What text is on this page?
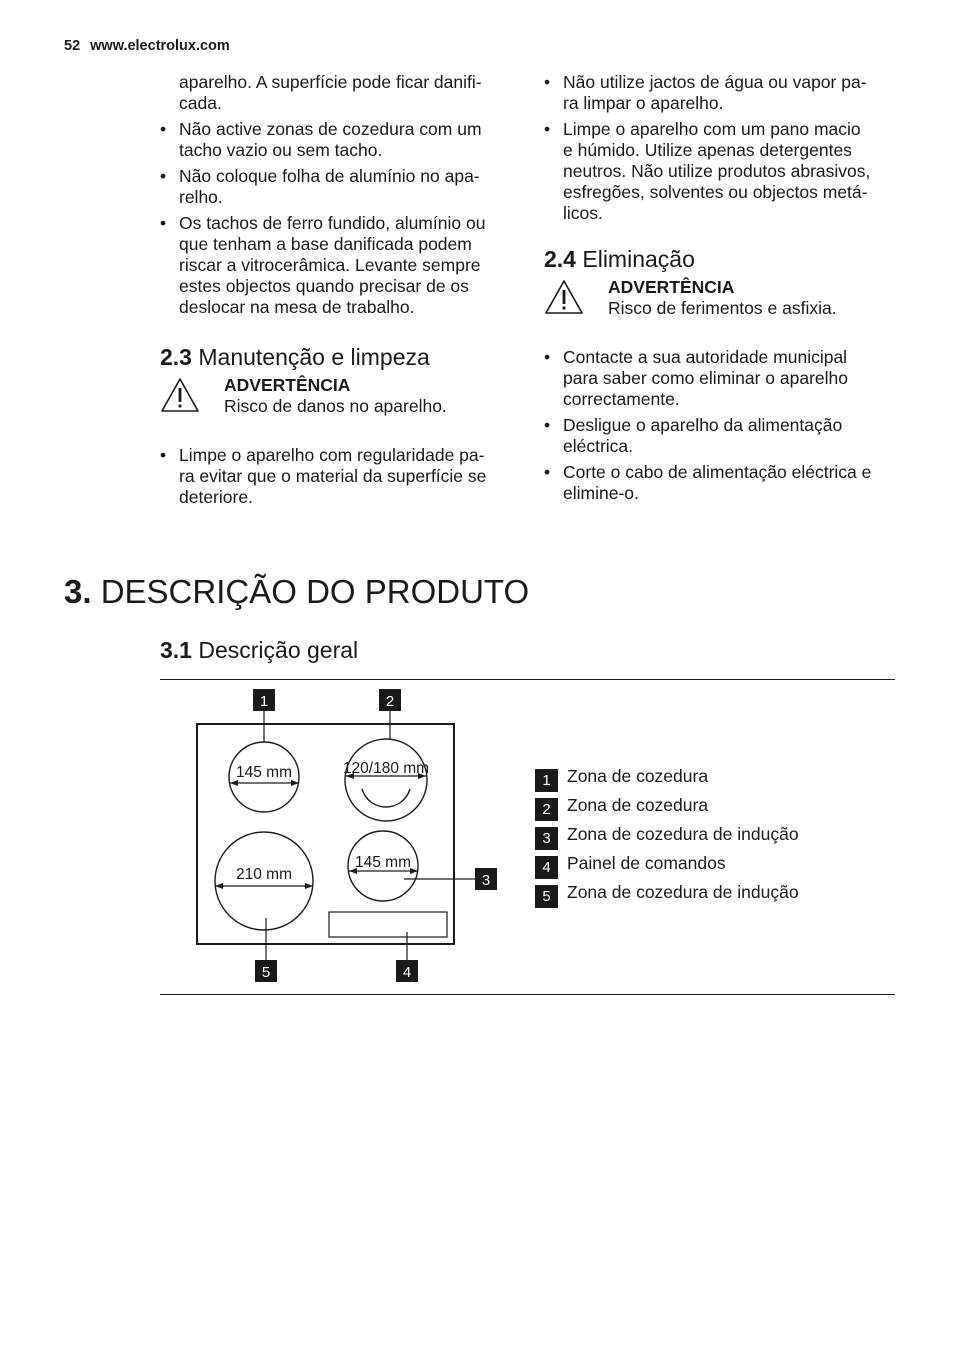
52 www.electrolux.com
aparelho. A superfície pode ficar danifi-
cada.
• Não active zonas de cozedura com um
tacho vazio ou sem tacho.
• Não coloque folha de alumínio no apa-
relho.
• Os tachos de ferro fundido, alumínio ou
que tenham a base danificada podem
riscar a vitrocerâmica. Levante sempre
estes objectos quando precisar de os
deslocar na mesa de trabalho.
2.3 Manutenção e limpeza
ADVERTÊNCIA
Risco de danos no aparelho.
• Limpe o aparelho com regularidade pa-
ra evitar que o material da superfície se
deteriore.
• Não utilize jactos de água ou vapor pa-
ra limpar o aparelho.
• Limpe o aparelho com um pano macio
e húmido. Utilize apenas detergentes
neutros. Não utilize produtos abrasivos,
esfregões, solventes ou objectos metá-
licos.
2.4 Eliminação
ADVERTÊNCIA
Risco de ferimentos e asfixia.
• Contacte a sua autoridade municipal
para saber como eliminar o aparelho
correctamente.
• Desligue o aparelho da alimentação
eléctrica.
• Corte o cabo de alimentação eléctrica e
elimine-o.
3. DESCRIÇÃO DO PRODUTO
3.1 Descrição geral
145 mm	120/180 mm
210 mm
145 mm
1	2
3
4
5
1 Zona de cozedura
2 Zona de cozedura
3 Zona de cozedura de indução
4 Painel de comandos
5 Zona de cozedura de indução
